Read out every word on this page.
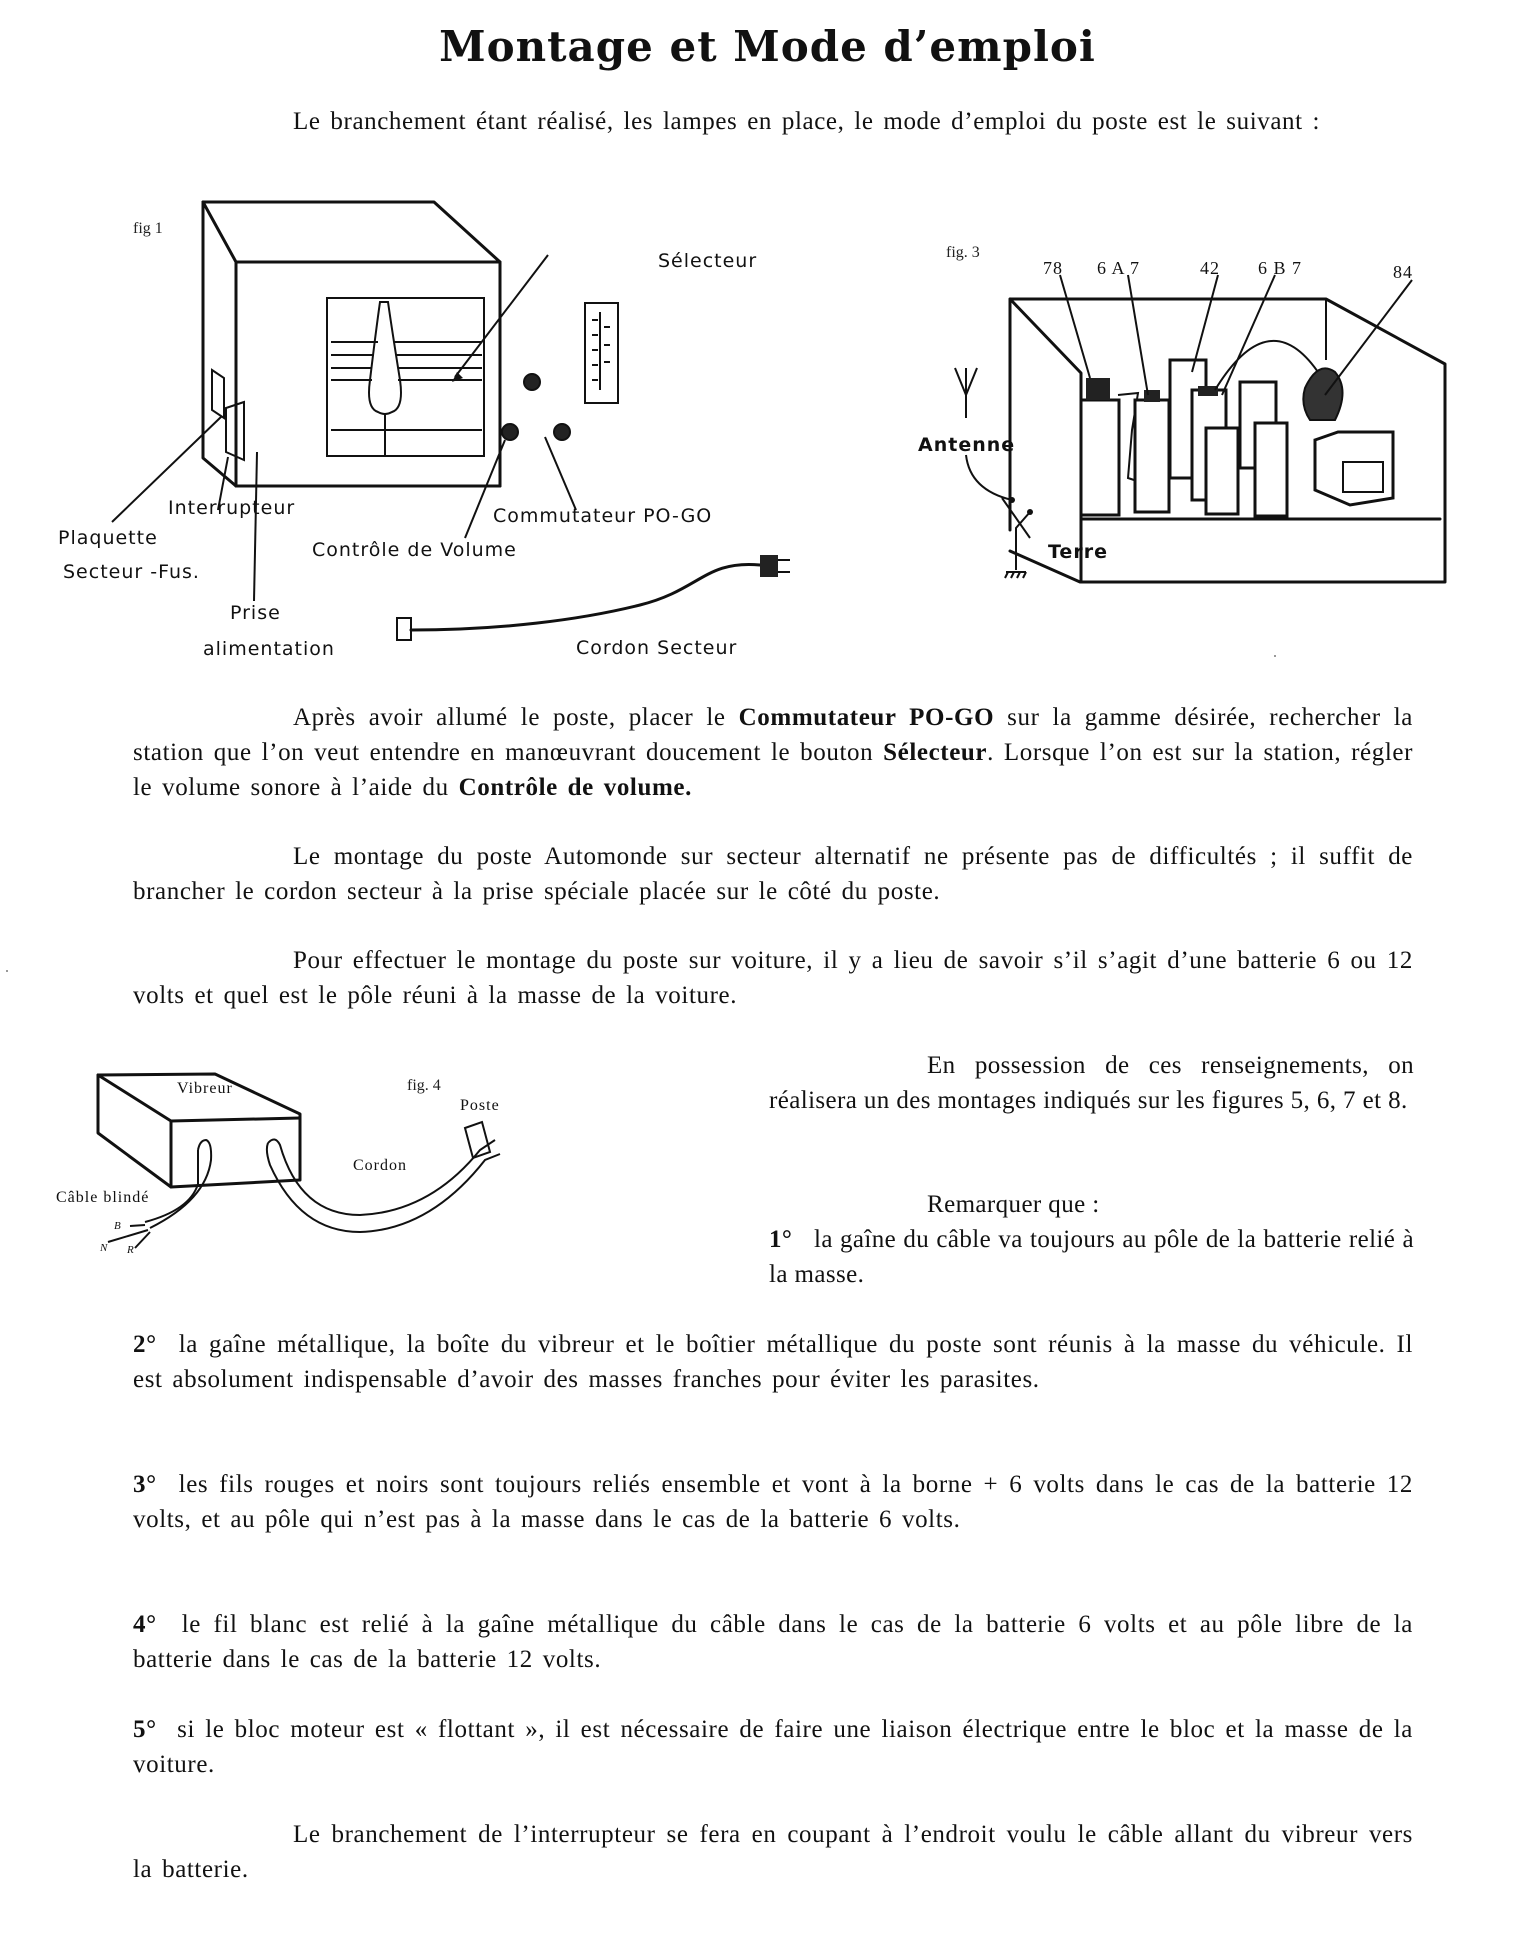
Montage et Mode d’emploi
Le branchement étant réalisé, les lampes en place, le mode d’emploi du poste est le suivant :
fig 1
Sélecteur
Interrupteur
Plaquette
Secteur -Fus.
Commutateur PO-GO
Contrôle de Volume
Prise
alimentation	Cordon Secteur
fig. 3
78 6 A 7	42 6 B 7	84
Antenne
Terre
Après avoir allumé le poste, placer le Commutateur PO-GO sur la gamme désirée, rechercher la station que l’on veut entendre en manœuvrant doucement le bouton Sélecteur. Lorsque l’on est sur la station, régler le volume sonore à l’aide du Contrôle de volume.
Le montage du poste Automonde sur secteur alternatif ne présente pas de difficultés ; il suffit de brancher le cordon secteur à la prise spéciale placée sur le côté du poste.
Pour effectuer le montage du poste sur voiture, il y a lieu de savoir s’il s’agit d’une batterie 6 ou 12 volts et quel est le pôle réuni à la masse de la voiture.
fig. 4
Vibreur
Poste
Cordon
Câble blindé
B
N R
En possession de ces renseignements, on réalisera un des montages indiqués sur les figures 5, 6, 7 et 8.
Remarquer que :
1° la gaîne du câble va toujours au pôle de la batterie relié à la masse.
2° la gaîne métallique, la boîte du vibreur et le boîtier métallique du poste sont réunis à la masse du véhicule. Il est absolument indispensable d’avoir des masses franches pour éviter les parasites.
3° les fils rouges et noirs sont toujours reliés ensemble et vont à la borne + 6 volts dans le cas de la batterie 12 volts, et au pôle qui n’est pas à la masse dans le cas de la batterie 6 volts.
4° le fil blanc est relié à la gaîne métallique du câble dans le cas de la batterie 6 volts et au pôle libre de la batterie dans le cas de la batterie 12 volts.
5° si le bloc moteur est « flottant », il est nécessaire de faire une liaison électrique entre le bloc et la masse de la voiture.
Le branchement de l’interrupteur se fera en coupant à l’endroit voulu le câble allant du vibreur vers la batterie.
